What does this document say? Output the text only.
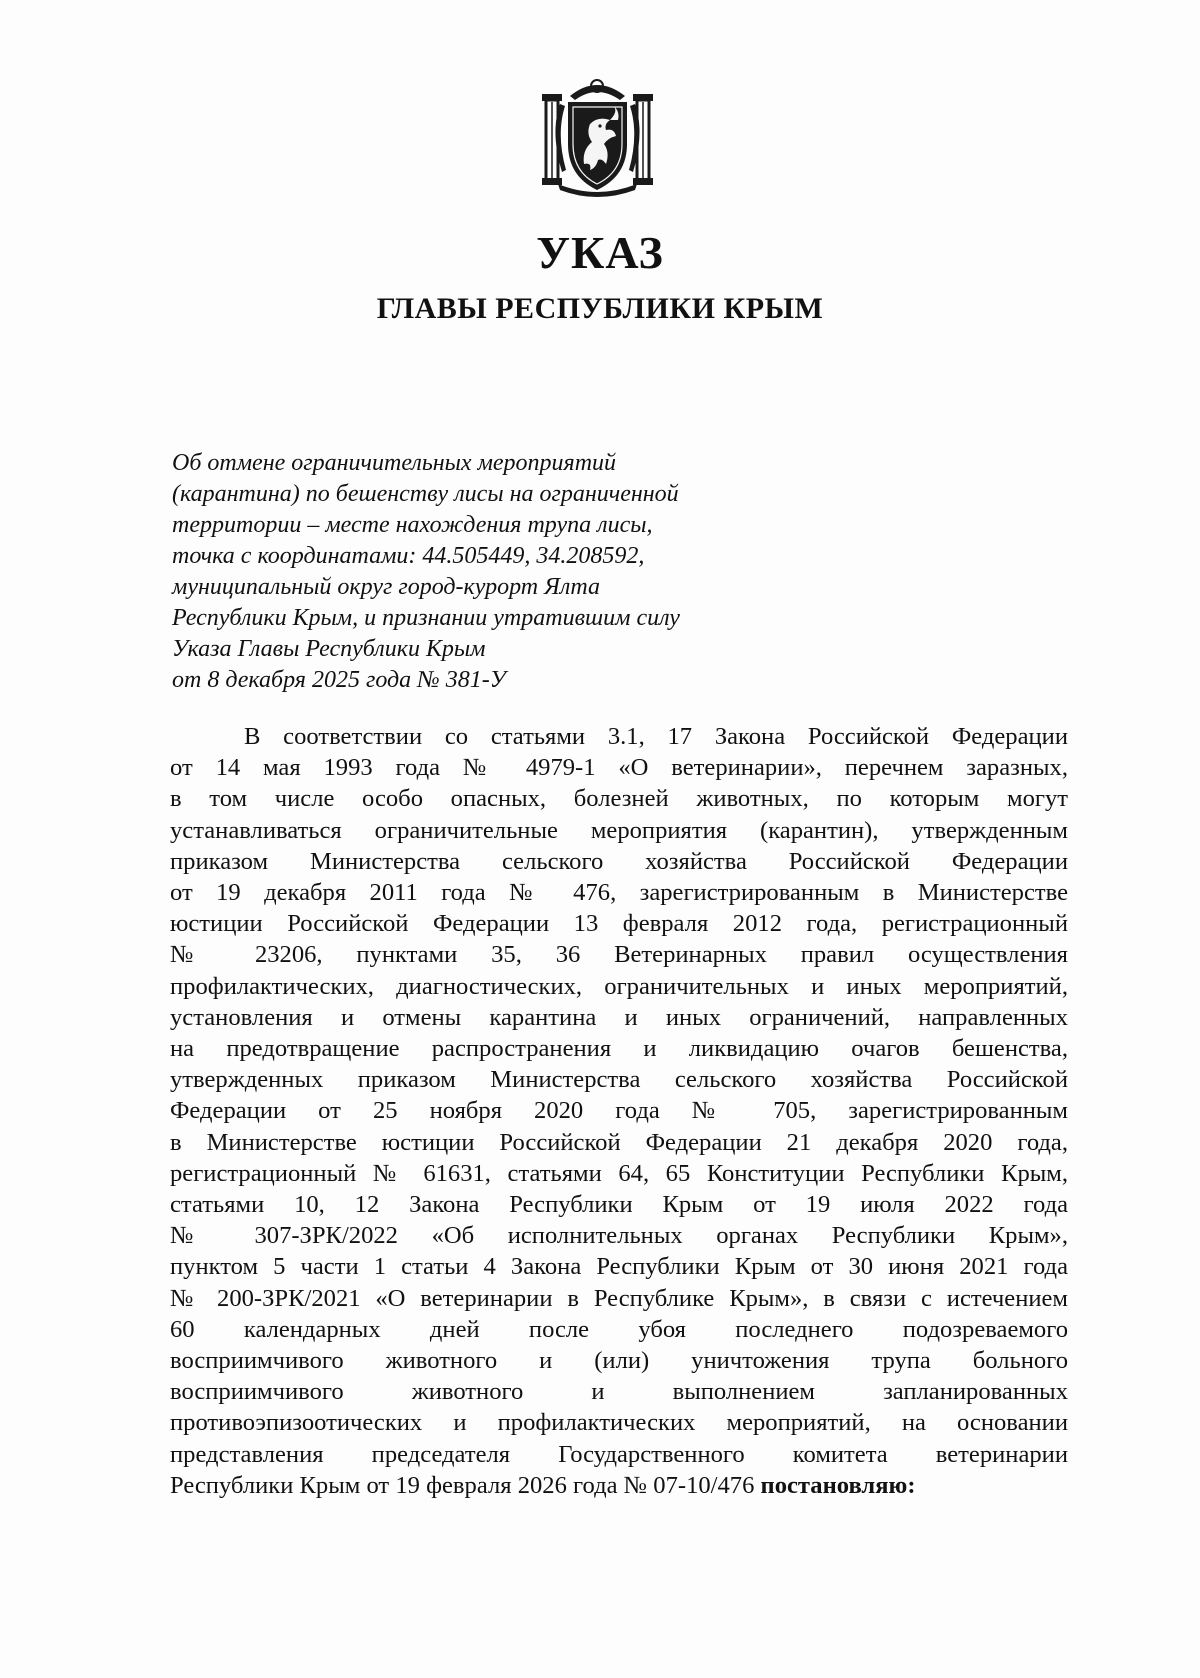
УКАЗ
ГЛАВЫ РЕСПУБЛИКИ КРЫМ
Об отмене ограничительных мероприятий
(карантина) по бешенству лисы на ограниченной
территории – месте нахождения трупа лисы,
точка с координатами: 44.505449, 34.208592,
муниципальный округ город-курорт Ялта
Республики Крым, и признании утратившим силу
Указа Главы Республики Крым
от 8 декабря 2025 года № 381-У
В соответствии со статьями 3.1, 17 Закона Российской Федерации
от 14 мая 1993 года № 4979-1 «О ветеринарии», перечнем заразных,
в том числе особо опасных, болезней животных, по которым могут
устанавливаться ограничительные мероприятия (карантин), утвержденным
приказом Министерства сельского хозяйства Российской Федерации
от 19 декабря 2011 года № 476, зарегистрированным в Министерстве
юстиции Российской Федерации 13 февраля 2012 года, регистрационный
№ 23206, пунктами 35, 36 Ветеринарных правил осуществления
профилактических, диагностических, ограничительных и иных мероприятий,
установления и отмены карантина и иных ограничений, направленных
на предотвращение распространения и ликвидацию очагов бешенства,
утвержденных приказом Министерства сельского хозяйства Российской
Федерации от 25 ноября 2020 года № 705, зарегистрированным
в Министерстве юстиции Российской Федерации 21 декабря 2020 года,
регистрационный № 61631, статьями 64, 65 Конституции Республики Крым,
статьями 10, 12 Закона Республики Крым от 19 июля 2022 года
№ 307-ЗРК/2022 «Об исполнительных органах Республики Крым»,
пунктом 5 части 1 статьи 4 Закона Республики Крым от 30 июня 2021 года
№ 200-ЗРК/2021 «О ветеринарии в Республике Крым», в связи с истечением
60 календарных дней после убоя последнего подозреваемого
восприимчивого животного и (или) уничтожения трупа больного
восприимчивого животного и выполнением запланированных
противоэпизоотических и профилактических мероприятий, на основании
представления председателя Государственного комитета ветеринарии
Республики Крым от 19 февраля 2026 года № 07-10/476 постановляю:
